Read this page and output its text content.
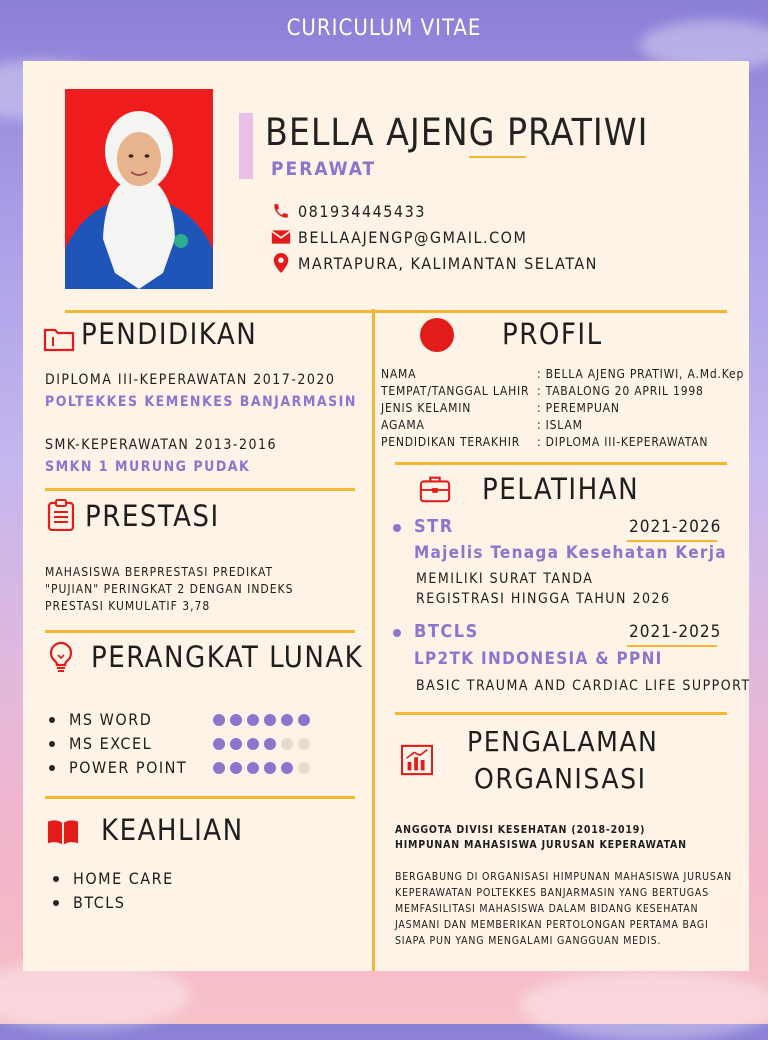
CURICULUM VITAE
BELLA AJENG PRATIWI
PERAWAT
081934445433
BELLAAJENGP@GMAIL.COM
MARTAPURA, KALIMANTAN SELATAN
PENDIDIKAN
DIPLOMA III-KEPERAWATAN 2017-2020
POLTEKKES KEMENKES BANJARMASIN
SMK-KEPERAWATAN 2013-2016
SMKN 1 MURUNG PUDAK
PRESTASI
MAHASISWA BERPRESTASI PREDIKAT
"PUJIAN" PERINGKAT 2 DENGAN INDEKS
PRESTASI KUMULATIF 3,78
PERANGKAT LUNAK
MS WORD
MS EXCEL
POWER POINT
KEAHLIAN
HOME CARE
BTCLS
PROFIL
NAMA	: BELLA AJENG PRATIWI, A.Md.Kep
TEMPAT/TANGGAL LAHIR	: TABALONG 20 APRIL 1998
JENIS KELAMIN	: PEREMPUAN
AGAMA	: ISLAM
PENDIDIKAN TERAKHIR	: DIPLOMA III-KEPERAWATAN
PELATIHAN
STR	2021-2026
Majelis Tenaga Kesehatan Kerja
MEMILIKI SURAT TANDA
REGISTRASI HINGGA TAHUN 2026
BTCLS	2021-2025
LP2TK INDONESIA & PPNI
BASIC TRAUMA AND CARDIAC LIFE SUPPORT
PENGALAMAN
ORGANISASI
ANGGOTA DIVISI KESEHATAN (2018-2019)
HIMPUNAN MAHASISWA JURUSAN KEPERAWATAN
BERGABUNG DI ORGANISASI HIMPUNAN MAHASISWA JURUSAN
KEPERAWATAN POLTEKKES BANJARMASIN YANG BERTUGAS
MEMFASILITASI MAHASISWA DALAM BIDANG KESEHATAN
JASMANI DAN MEMBERIKAN PERTOLONGAN PERTAMA BAGI
SIAPA PUN YANG MENGALAMI GANGGUAN MEDIS.
